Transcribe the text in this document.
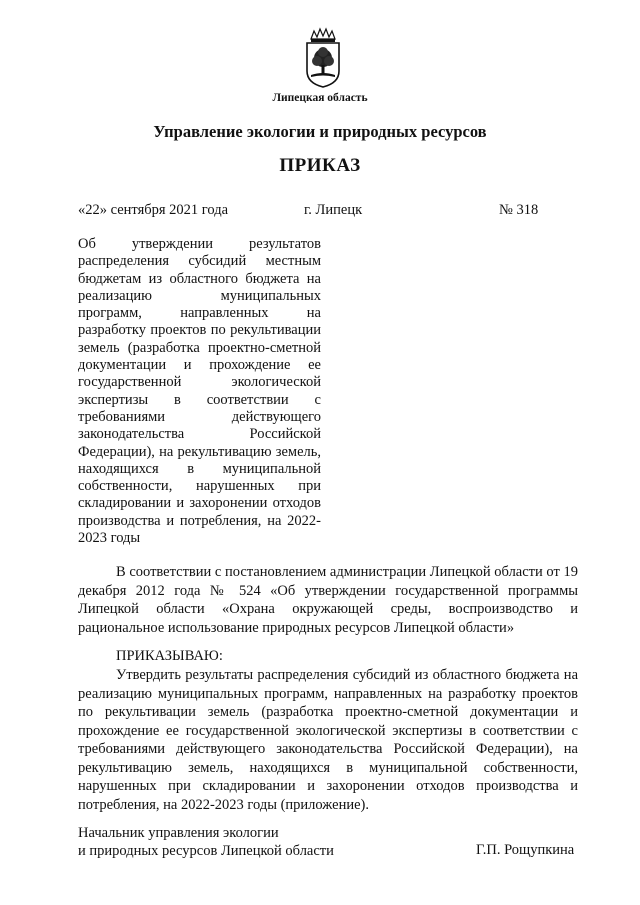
Липецкая область
Управление экологии и природных ресурсов
ПРИКАЗ
«22» сентября 2021 года	г. Липецк	№ 318
Об утверждении результатов распределения субсидий местным бюджетам из областного бюджета на реализацию муниципальных программ, направленных на разработку проектов по рекультивации земель (разработка проектно-сметной документации и прохождение ее государственной экологической экспертизы в соответствии с требованиями действующего законодательства Российской Федерации), на рекультивацию земель, находящихся в муниципальной собственности, нарушенных при складировании и захоронении отходов производства и потребления, на 2022-2023 годы

В соответствии с постановлением администрации Липецкой области от 19 декабря 2012 года № 524 «Об утверждении государственной программы Липецкой области «Охрана окружающей среды, воспроизводство и рациональное использование природных ресурсов Липецкой области»

ПРИКАЗЫВАЮ:

Утвердить результаты распределения субсидий из областного бюджета на реализацию муниципальных программ, направленных на разработку проектов по рекультивации земель (разработка проектно-сметной документации и прохождение ее государственной экологической экспертизы в соответствии с требованиями действующего законодательства Российской Федерации), на рекультивацию земель, находящихся в муниципальной собственности, нарушенных при складировании и захоронении отходов производства и потребления, на 2022-2023 годы (приложение).

Начальник управления экологии
и природных ресурсов Липецкой области	Г.П. Рощупкина
